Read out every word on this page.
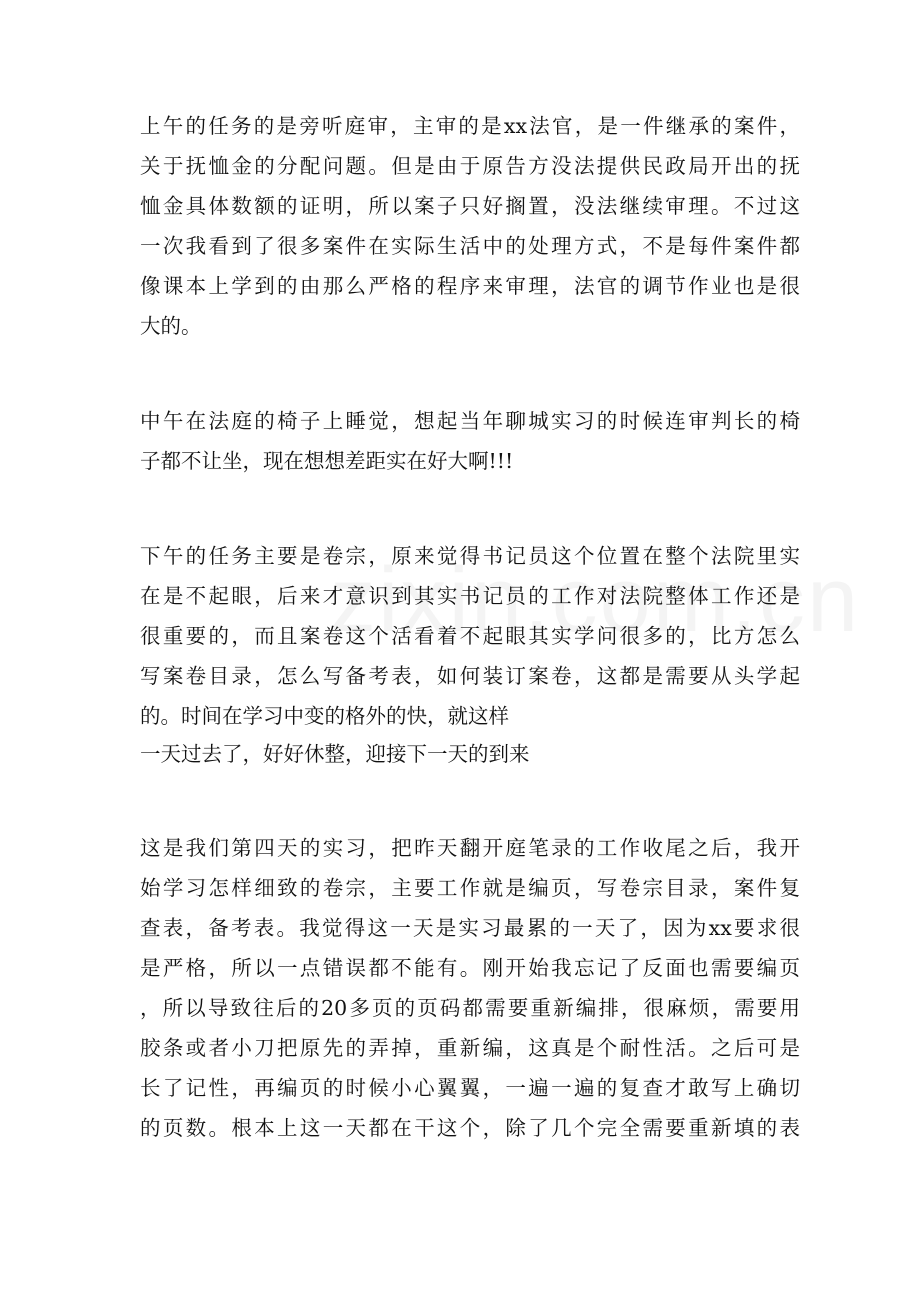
上午的任务的是旁听庭审，主审的是xx法官，是一件继承的案件，
关于抚恤金的分配问题。但是由于原告方没法提供民政局开出的抚
恤金具体数额的证明，所以案子只好搁置，没法继续审理。不过这
一次我看到了很多案件在实际生活中的处理方式，不是每件案件都
像课本上学到的由那么严格的程序来审理，法官的调节作业也是很
大的。
中午在法庭的椅子上睡觉，想起当年聊城实习的时候连审判长的椅
子都不让坐，现在想想差距实在好大啊!!!
下午的任务主要是卷宗，原来觉得书记员这个位置在整个法院里实
在是不起眼，后来才意识到其实书记员的工作对法院整体工作还是
很重要的，而且案卷这个活看着不起眼其实学问很多的，比方怎么
写案卷目录，怎么写备考表，如何装订案卷，这都是需要从头学起
的。时间在学习中变的格外的快，就这样
一天过去了，好好休整，迎接下一天的到来
这是我们第四天的实习，把昨天翻开庭笔录的工作收尾之后，我开
始学习怎样细致的卷宗，主要工作就是编页，写卷宗目录，案件复
查表，备考表。我觉得这一天是实习最累的一天了，因为xx要求很
是严格，所以一点错误都不能有。刚开始我忘记了反面也需要编页
，所以导致往后的20多页的页码都需要重新编排，很麻烦，需要用
胶条或者小刀把原先的弄掉，重新编，这真是个耐性活。之后可是
长了记性，再编页的时候小心翼翼，一遍一遍的复查才敢写上确切
的页数。根本上这一天都在干这个，除了几个完全需要重新填的表
